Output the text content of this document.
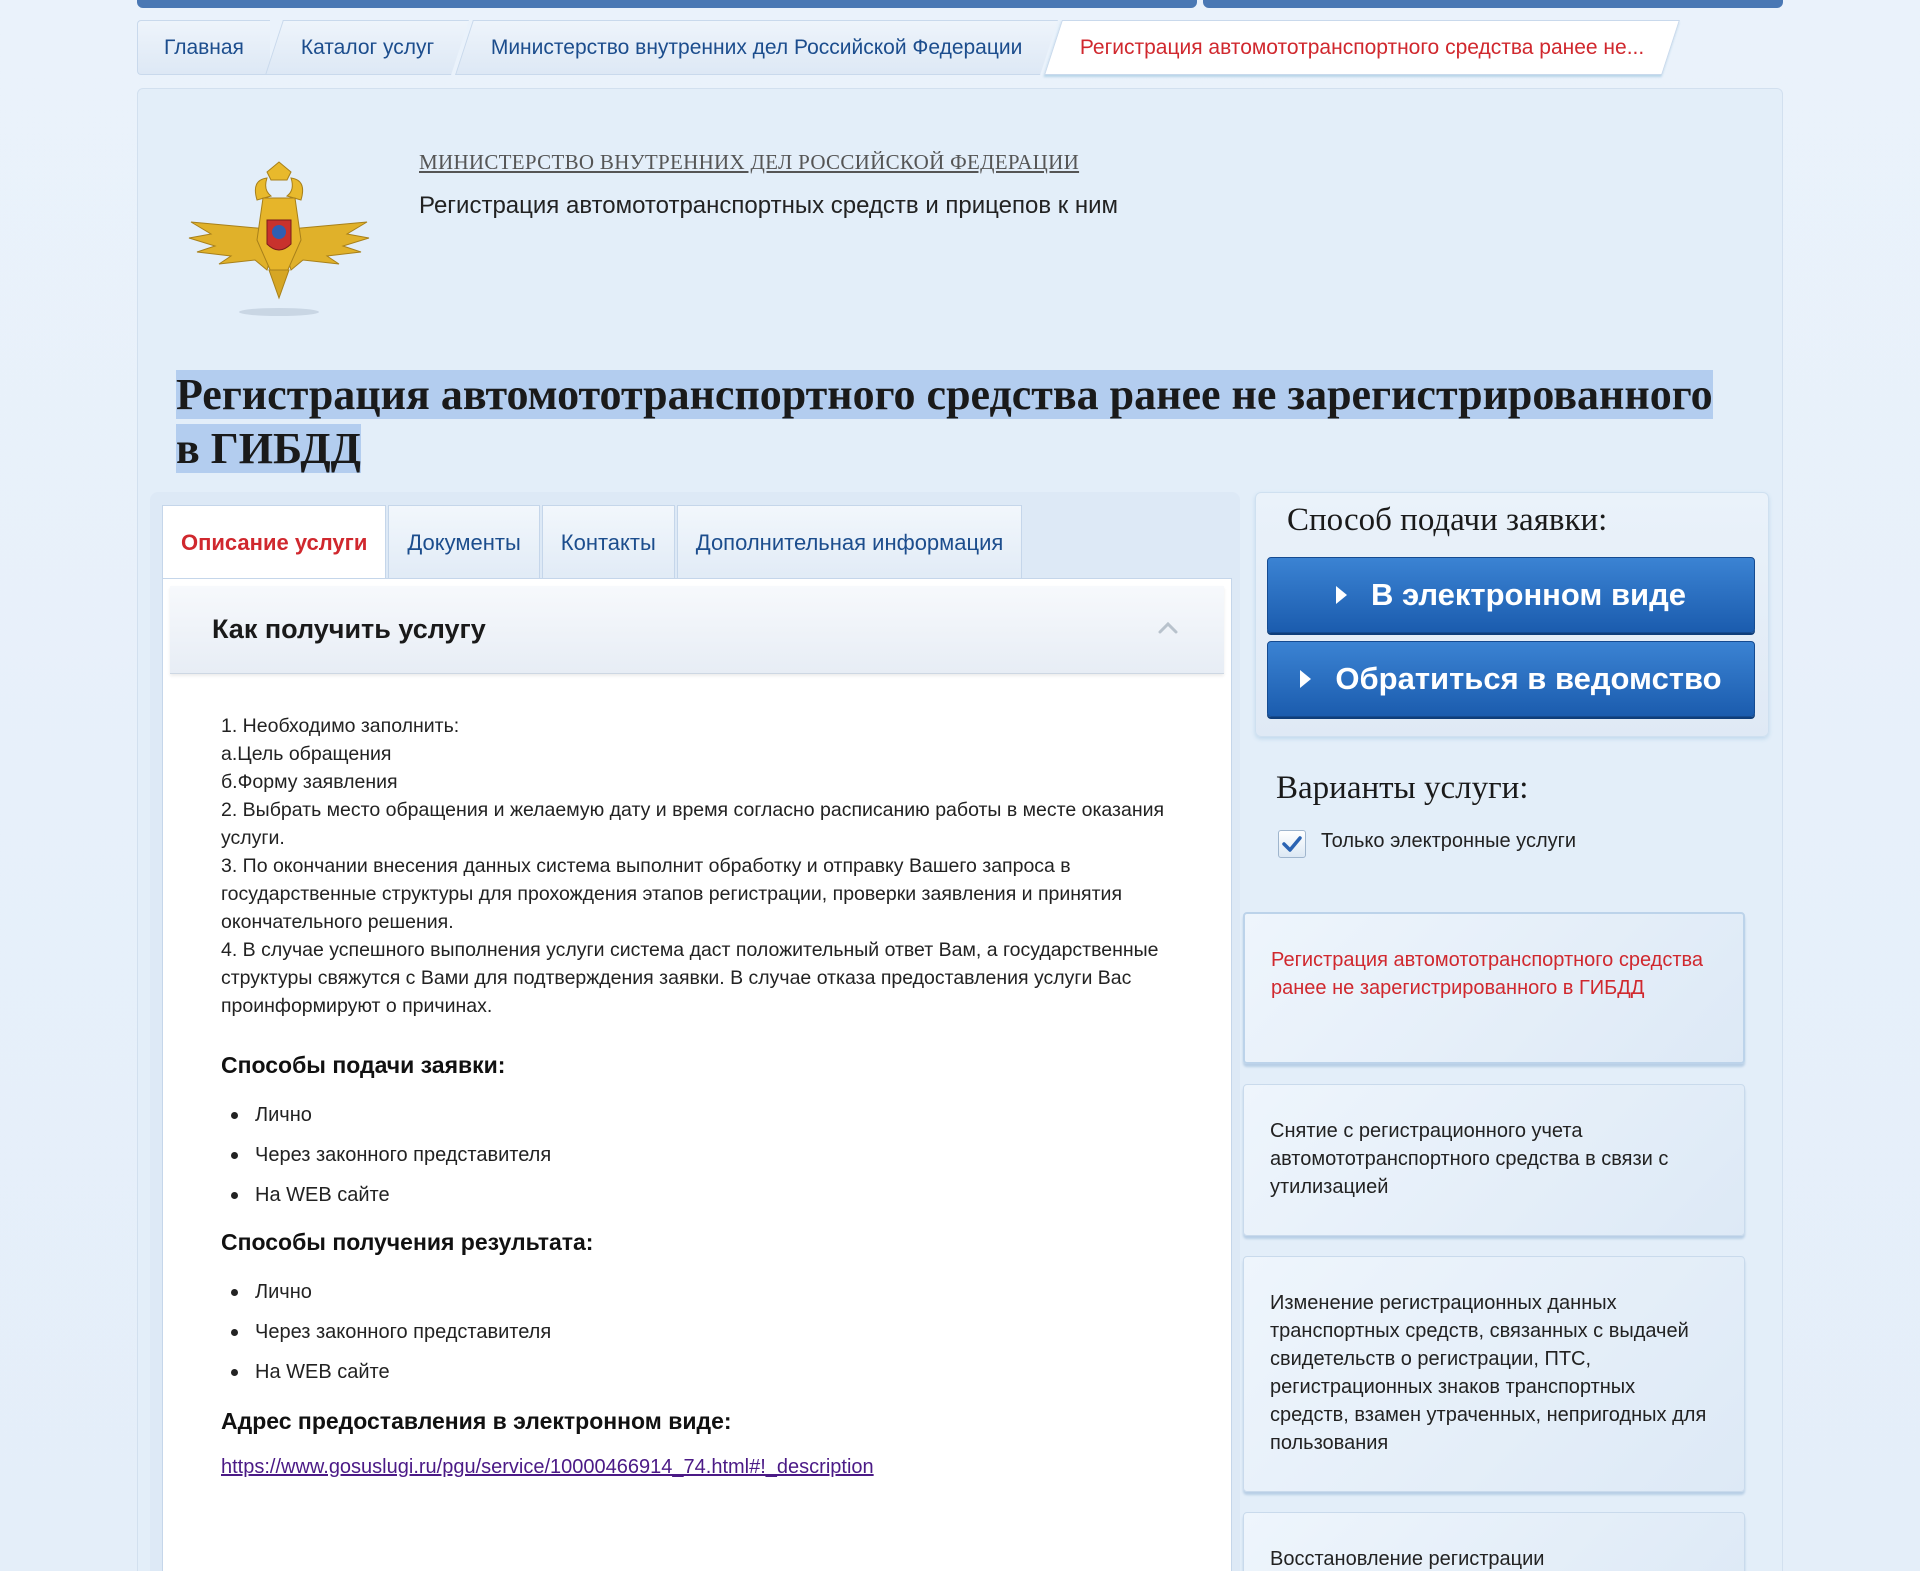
Главная	Каталог услуг	Министерство внутренних дел Российской Федерации	Регистрация автомототранспортного средства ранее не...
МИНИСТЕРСТВО ВНУТРЕННИХ ДЕЛ РОССИЙСКОЙ ФЕДЕРАЦИИ
Регистрация автомототранспортных средств и прицепов к ним
Регистрация автомототранспортного средства ранее не зарегистрированного в ГИБДД
Описание услуги	Документы	Контакты	Дополнительная информация
Как получить услугу
1. Необходимо заполнить:
а.Цель обращения
б.Форму заявления
2. Выбрать место обращения и желаемую дату и время согласно расписанию работы в месте оказания услуги.
3. По окончании внесения данных система выполнит обработку и отправку Вашего запроса в государственные структуры для прохождения этапов регистрации, проверки заявления и принятия окончательного решения.
4. В случае успешного выполнения услуги система даст положительный ответ Вам, а государственные структуры свяжутся с Вами для подтверждения заявки. В случае отказа предоставления услуги Вас проинформируют о причинах.
Способы подачи заявки:
Лично
Через законного представителя
На WEB сайте
Способы получения результата:
Лично
Через законного представителя
На WEB сайте
Адрес предоставления в электронном виде:
https://www.gosuslugi.ru/pgu/service/10000466914_74.html#!_description
Способ подачи заявки:
В электронном виде
Обратиться в ведомство
Варианты услуги:
Только электронные услуги
Регистрация автомототранспортного средства ранее не зарегистрированного в ГИБДД
Снятие с регистрационного учета автомототранспортного средства в связи с утилизацией
Изменение регистрационных данных транспортных средств, связанных с выдачей свидетельств о регистрации, ПТС, регистрационных знаков транспортных средств, взамен утраченных, непригодных для пользования
Восстановление регистрации
